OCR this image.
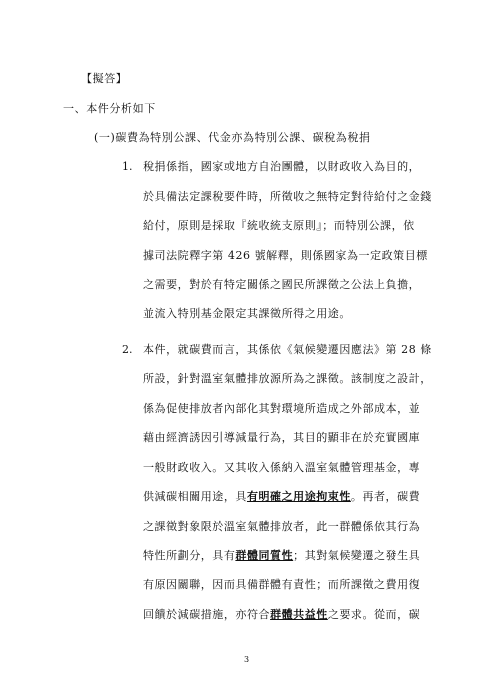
【擬答】
一、本件分析如下
(一)碳費為特別公課、代金亦為特別公課、碳稅為稅捐
1. 稅捐係指，國家或地方自治團體，以財政收入為目的，
於具備法定課稅要件時，所徵收之無特定對待給付之金錢
給付，原則是採取『統收統支原則』；而特別公課，依
據司法院釋字第 426 號解釋，則係國家為一定政策目標
之需要，對於有特定關係之國民所課徵之公法上負擔，
並流入特別基金限定其課徵所得之用途。
2. 本件，就碳費而言，其係依《氣候變遷因應法》第 28 條
所設，針對溫室氣體排放源所為之課徵。該制度之設計，
係為促使排放者內部化其對環境所造成之外部成本，並
藉由經濟誘因引導減量行為，其目的顯非在於充實國庫
一般財政收入。又其收入係納入溫室氣體管理基金，專
供減碳相關用途，具有明確之用途拘束性。再者，碳費
之課徵對象限於溫室氣體排放者，此一群體係依其行為
特性所劃分，具有群體同質性；其對氣候變遷之發生具
有原因關聯，因而具備群體有責性；而所課徵之費用復
回饋於減碳措施，亦符合群體共益性之要求。從而，碳
3
